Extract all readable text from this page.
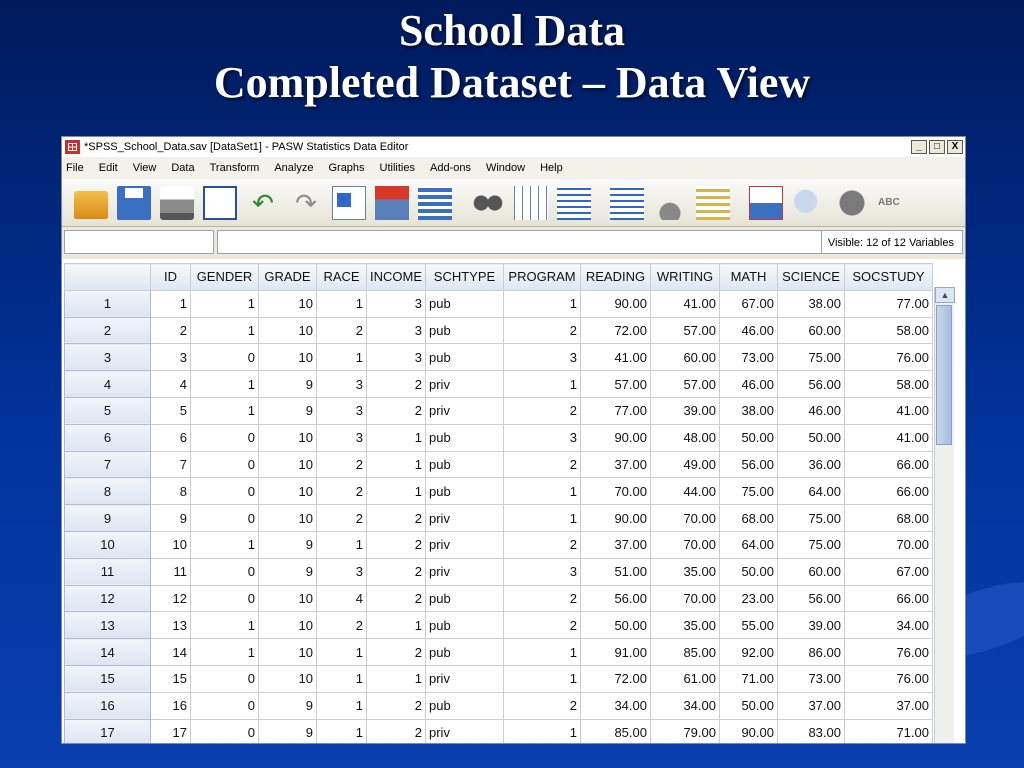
School Data
Completed Dataset – Data View
*SPSS_School_Data.sav [DataSet1] - PASW Statistics Data Editor	_	□	X
File Edit View Data Transform Analyze Graphs Utilities Add-ons Window Help
↶ ↷	ABC
Visible: 12 of 12 Variables
	ID	GENDER	GRADE	RACE	INCOME	SCHTYPE	PROGRAM	READING	WRITING	MATH	SCIENCE	SOCSTUDY
1	1	1	10	1	3	pub	1	90.00	41.00	67.00	38.00	77.00
2	2	1	10	2	3	pub	2	72.00	57.00	46.00	60.00	58.00
3	3	0	10	1	3	pub	3	41.00	60.00	73.00	75.00	76.00
4	4	1	9	3	2	priv	1	57.00	57.00	46.00	56.00	58.00
5	5	1	9	3	2	priv	2	77.00	39.00	38.00	46.00	41.00
6	6	0	10	3	1	pub	3	90.00	48.00	50.00	50.00	41.00
7	7	0	10	2	1	pub	2	37.00	49.00	56.00	36.00	66.00
8	8	0	10	2	1	pub	1	70.00	44.00	75.00	64.00	66.00
9	9	0	10	2	2	priv	1	90.00	70.00	68.00	75.00	68.00
10	10	1	9	1	2	priv	2	37.00	70.00	64.00	75.00	70.00
11	11	0	9	3	2	priv	3	51.00	35.00	50.00	60.00	67.00
12	12	0	10	4	2	pub	2	56.00	70.00	23.00	56.00	66.00
13	13	1	10	2	1	pub	2	50.00	35.00	55.00	39.00	34.00
14	14	1	10	1	2	pub	1	91.00	85.00	92.00	86.00	76.00
15	15	0	10	1	1	priv	1	72.00	61.00	71.00	73.00	76.00
16	16	0	9	1	2	pub	2	34.00	34.00	50.00	37.00	37.00
17	17	0	9	1	2	priv	1	85.00	79.00	90.00	83.00	71.00
▲
